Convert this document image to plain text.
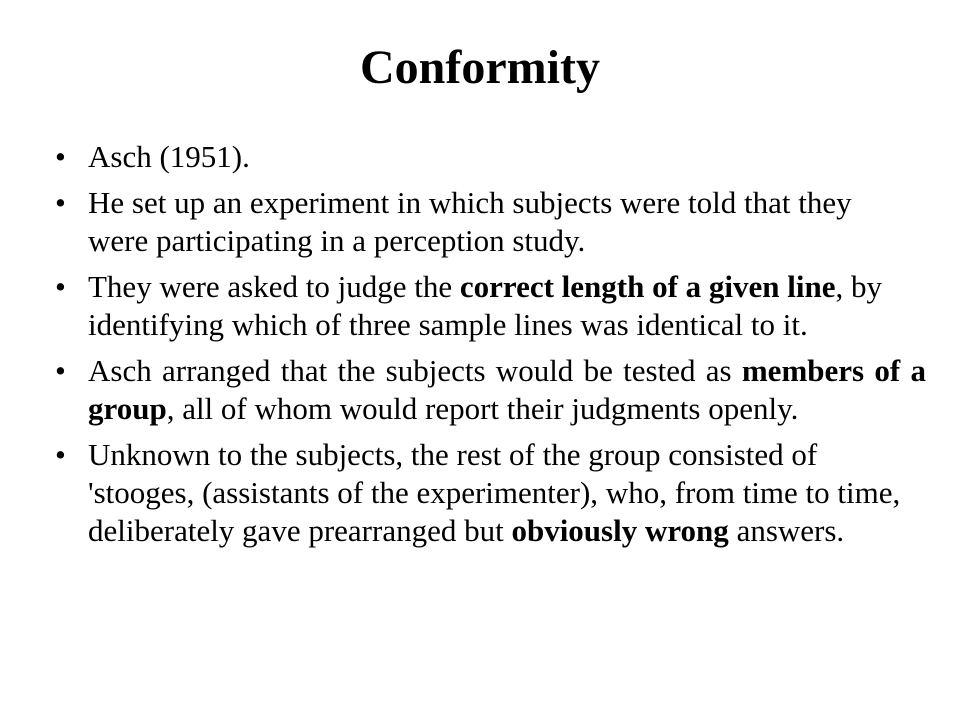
Conformity
• Asch (1951).
• He set up an experiment in which subjects were told that they were participating in a perception study.
• They were asked to judge the correct length of a given line, by identifying which of three sample lines was identical to it.
• Asch arranged that the subjects would be tested as members of a group, all of whom would report their judgments openly.
• Unknown to the subjects, the rest of the group consisted of 'stooges, (assistants of the experimenter), who, from time to time, deliberately gave prearranged but obviously wrong answers.
